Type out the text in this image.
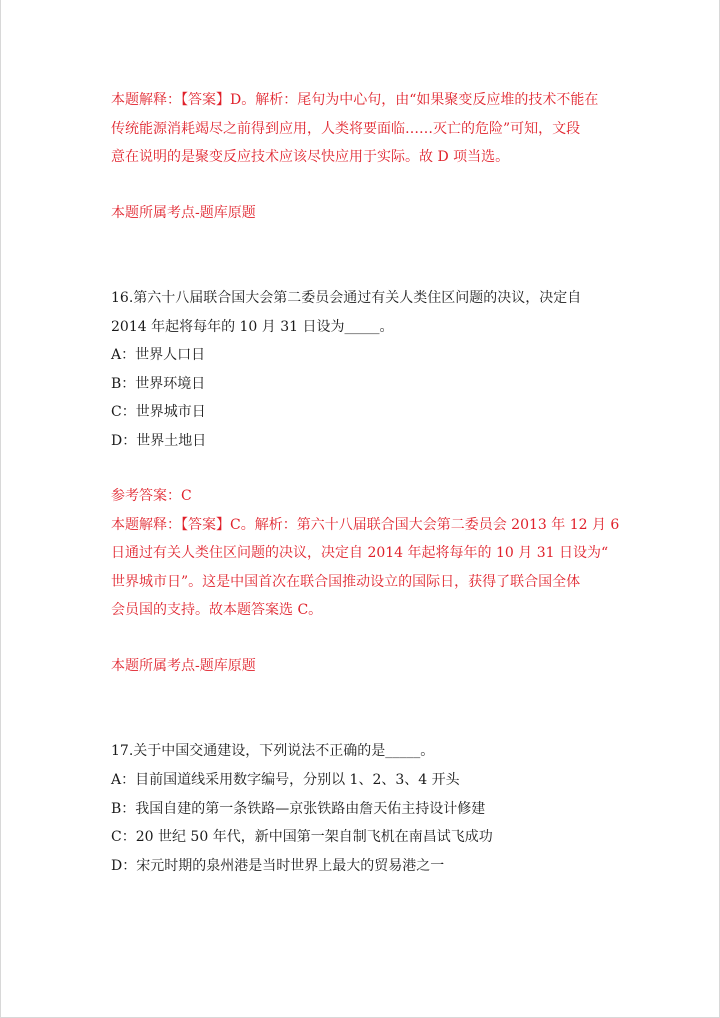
本题解释：【答案】D。解析：尾句为中心句，由“如果聚变反应堆的技术不能在
传统能源消耗竭尽之前得到应用，人类将要面临……灭亡的危险”可知，文段
意在说明的是聚变反应技术应该尽快应用于实际。故 D 项当选。
本题所属考点-题库原题
16.第六十八届联合国大会第二委员会通过有关人类住区问题的决议，决定自
2014 年起将每年的 10 月 31 日设为_____。
A：世界人口日
B：世界环境日
C：世界城市日
D：世界土地日
参考答案：C
本题解释：【答案】C。解析：第六十八届联合国大会第二委员会 2013 年 12 月 6
日通过有关人类住区问题的决议，决定自 2014 年起将每年的 10 月 31 日设为“
世界城市日”。这是中国首次在联合国推动设立的国际日，获得了联合国全体
会员国的支持。故本题答案选 C。
本题所属考点-题库原题
17.关于中国交通建设，下列说法不正确的是_____。
A：目前国道线采用数字编号，分别以 1、2、3、4 开头
B：我国自建的第一条铁路—京张铁路由詹天佑主持设计修建
C：20 世纪 50 年代，新中国第一架自制飞机在南昌试飞成功
D：宋元时期的泉州港是当时世界上最大的贸易港之一
